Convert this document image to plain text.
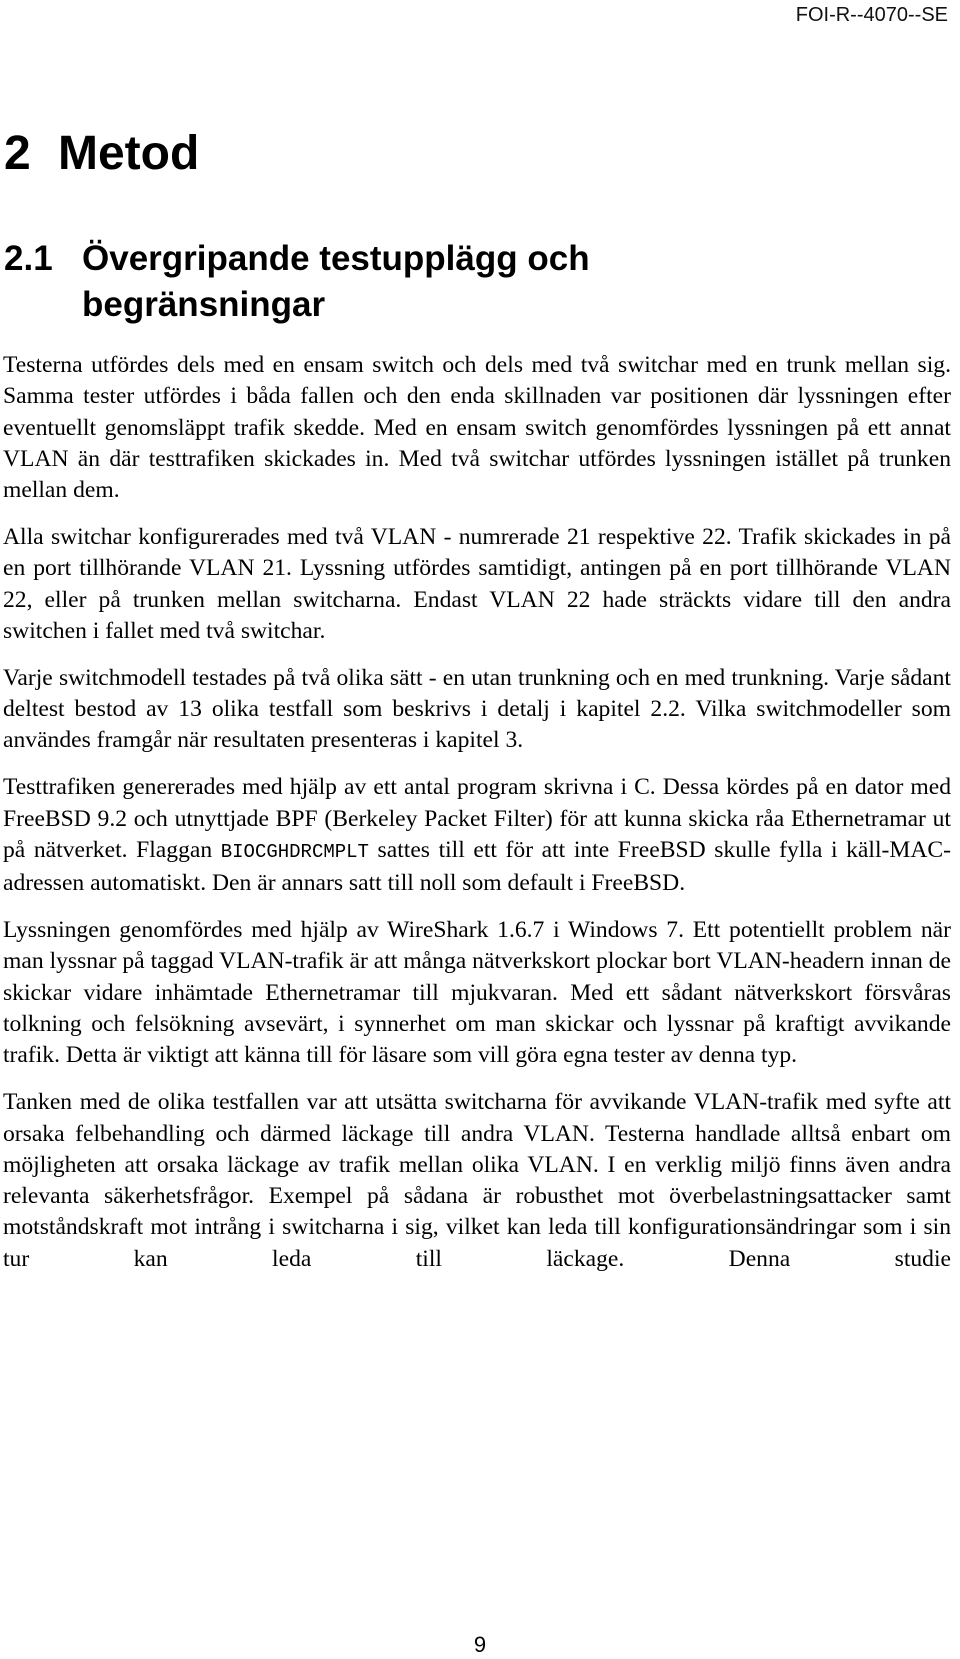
FOI-R--4070--SE
2 Metod
2.1 Övergripande testupplägg och begränsningar

Testerna utfördes dels med en ensam switch och dels med två switchar med en trunk mellan sig. Samma tester utfördes i båda fallen och den enda skillnaden var positionen där lyssningen efter eventuellt genomsläppt trafik skedde. Med en ensam switch genomfördes lyssningen på ett annat VLAN än där testtrafiken skickades in. Med två switchar utfördes lyssningen istället på trunken mellan dem.

Alla switchar konfigurerades med två VLAN - numrerade 21 respektive 22. Trafik skickades in på en port tillhörande VLAN 21. Lyssning utfördes samtidigt, antingen på en port tillhörande VLAN 22, eller på trunken mellan switcharna. Endast VLAN 22 hade sträckts vidare till den andra switchen i fallet med två switchar.

Varje switchmodell testades på två olika sätt - en utan trunkning och en med trunkning. Varje sådant deltest bestod av 13 olika testfall som beskrivs i detalj i kapitel 2.2. Vilka switchmodeller som användes framgår när resultaten presenteras i kapitel 3.

Testtrafiken genererades med hjälp av ett antal program skrivna i C. Dessa kördes på en dator med FreeBSD 9.2 och utnyttjade BPF (Berkeley Packet Filter) för att kunna skicka råa Ethernetramar ut på nätverket. Flaggan BIOCGHDRCMPLT sattes till ett för att inte FreeBSD skulle fylla i käll-MAC-adressen automatiskt. Den är annars satt till noll som default i FreeBSD.

Lyssningen genomfördes med hjälp av WireShark 1.6.7 i Windows 7. Ett potentiellt problem när man lyssnar på taggad VLAN-trafik är att många nätverkskort plockar bort VLAN-headern innan de skickar vidare inhämtade Ethernetramar till mjukvaran. Med ett sådant nätverkskort försvåras tolkning och felsökning avsevärt, i synnerhet om man skickar och lyssnar på kraftigt avvikande trafik. Detta är viktigt att känna till för läsare som vill göra egna tester av denna typ.

Tanken med de olika testfallen var att utsätta switcharna för avvikande VLAN-trafik med syfte att orsaka felbehandling och därmed läckage till andra VLAN. Testerna handlade alltså enbart om möjligheten att orsaka läckage av trafik mellan olika VLAN. I en verklig miljö finns även andra relevanta säkerhetsfrågor. Exempel på sådana är robusthet mot överbelastningsattacker samt motståndskraft mot intrång i switcharna i sig, vilket kan leda till konfigurationsändringar som i sin tur kan leda till läckage. Denna studie

9
